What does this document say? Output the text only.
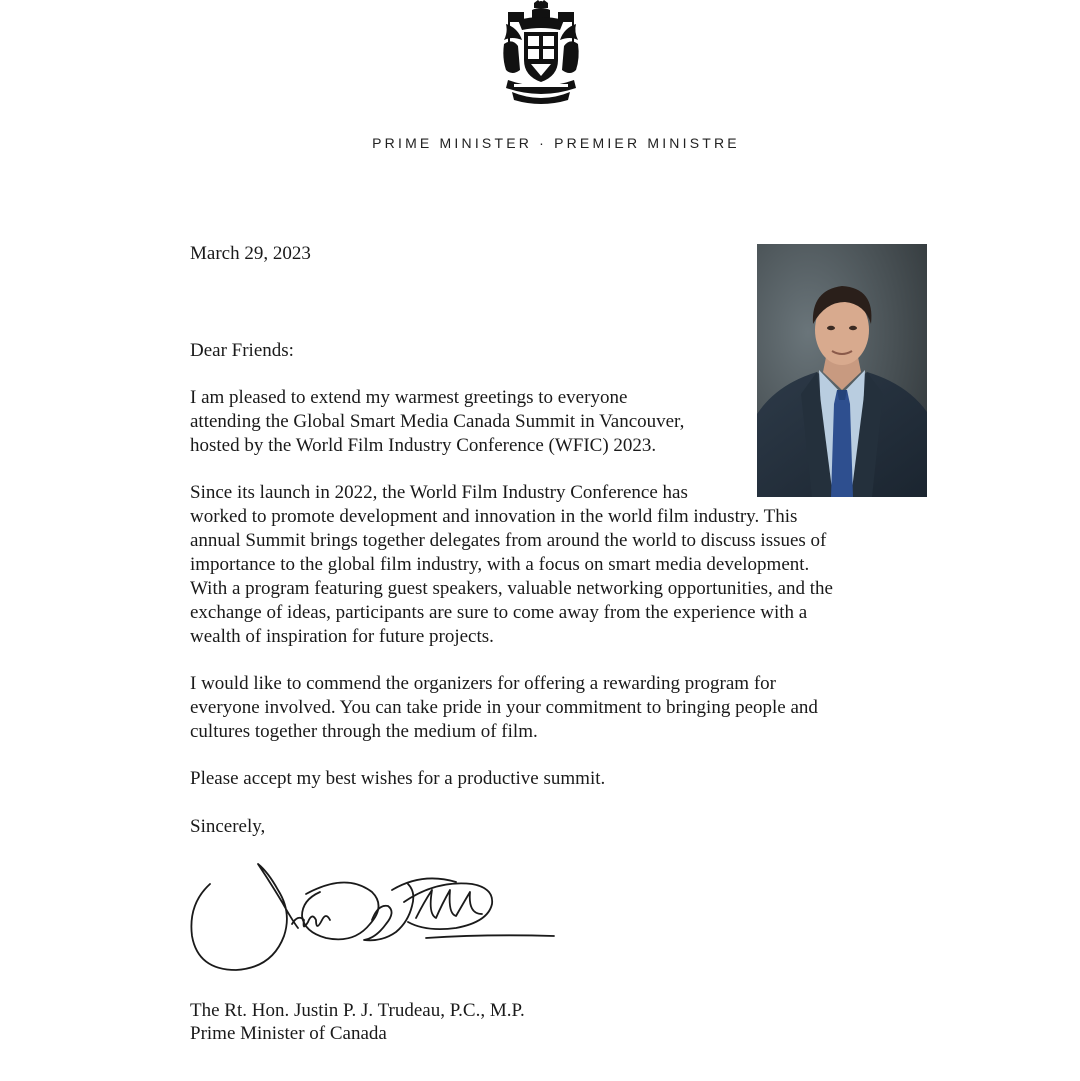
PRIME MINISTER · PREMIER MINISTRE
March 29, 2023
Dear Friends:
I am pleased to extend my warmest greetings to everyone
attending the Global Smart Media Canada Summit in Vancouver,
hosted by the World Film Industry Conference (WFIC) 2023.
Since its launch in 2022, the World Film Industry Conference has
worked to promote development and innovation in the world film industry. This
annual Summit brings together delegates from around the world to discuss issues of
importance to the global film industry, with a focus on smart media development.
With a program featuring guest speakers, valuable networking opportunities, and the
exchange of ideas, participants are sure to come away from the experience with a
wealth of inspiration for future projects.
I would like to commend the organizers for offering a rewarding program for
everyone involved. You can take pride in your commitment to bringing people and
cultures together through the medium of film.
Please accept my best wishes for a productive summit.
Sincerely,
The Rt. Hon. Justin P. J. Trudeau, P.C., M.P.
Prime Minister of Canada
